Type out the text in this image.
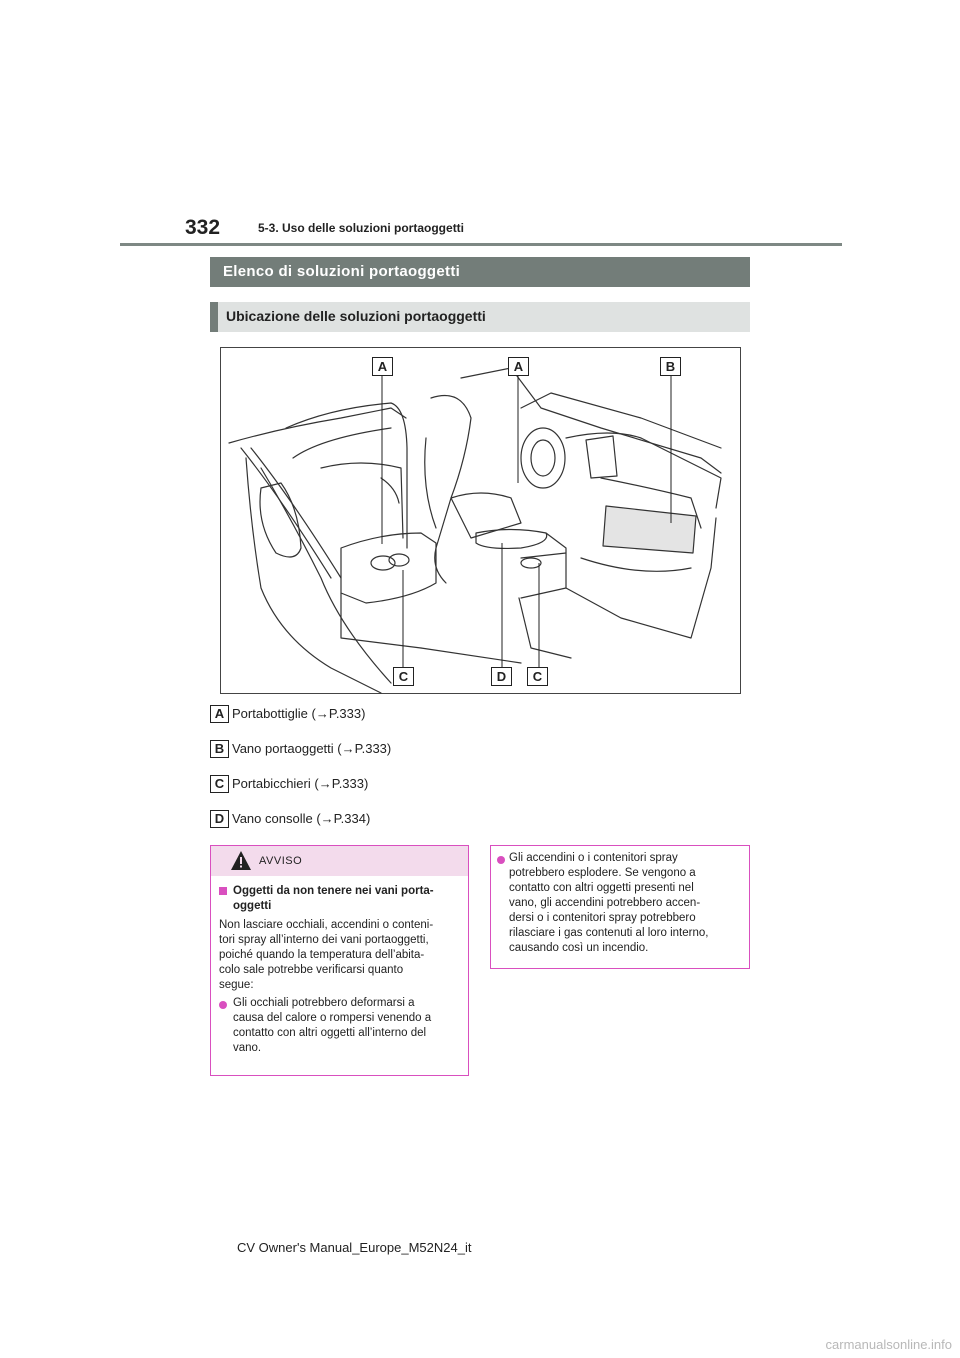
332	5-3. Uso delle soluzioni portaoggetti
Elenco di soluzioni portaoggetti
Ubicazione delle soluzioni portaoggetti
A	A	B
C	D	C
A Portabottiglie (→P.333)
B Vano portaoggetti (→P.333)
C Portabicchieri (→P.333)
D Vano consolle (→P.334)
AVVISO
Oggetti da non tenere nei vani porta-
oggetti

Non lasciare occhiali, accendini o conteni-
tori spray all’interno dei vani portaoggetti,
poiché quando la temperatura dell’abita-
colo sale potrebbe verificarsi quanto
segue:

Gli occhiali potrebbero deformarsi a
causa del calore o rompersi venendo a
contatto con altri oggetti all’interno del
vano.

Gli accendini o i contenitori spray
potrebbero esplodere. Se vengono a
contatto con altri oggetti presenti nel
vano, gli accendini potrebbero accen-
dersi o i contenitori spray potrebbero
rilasciare i gas contenuti al loro interno,
causando così un incendio.

CV Owner's Manual_Europe_M52N24_it
carmanualsonline.info
